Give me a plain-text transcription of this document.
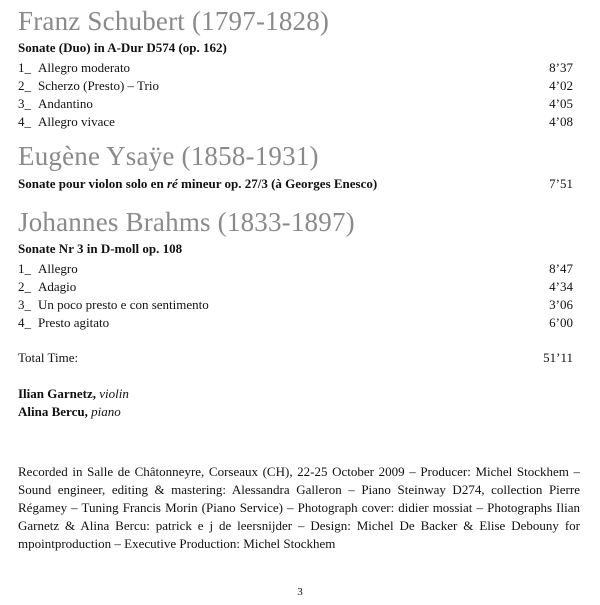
Franz Schubert (1797-1828)
Sonate (Duo) in A-Dur D574 (op. 162)
1_ Allegro moderato	8’37
2_ Scherzo (Presto) – Trio	4’02
3_ Andantino	4’05
4_ Allegro vivace	4’08
Eugène Ysaÿe (1858-1931)
Sonate pour violon solo en ré mineur op. 27/3 (à Georges Enesco)	7’51
Johannes Brahms (1833-1897)
Sonate Nr 3 in D-moll op. 108
1_ Allegro	8’47
2_ Adagio	4’34
3_ Un poco presto e con sentimento	3’06
4_ Presto agitato	6’00
Total Time:	51’11
Ilian Garnetz, violin
Alina Bercu, piano
Recorded in Salle de Châtonneyre, Corseaux (CH), 22-25 October 2009 – Producer: Michel Stockhem – Sound engineer, editing & mastering: Alessandra Galleron – Piano Steinway D274, collection Pierre Régamey – Tuning Francis Morin (Piano Service) – Photograph cover: didier mossiat – Photographs Ilian Garnetz & Alina Bercu: patrick e j de leersnijder – Design: Michel De Backer & Elise Debouny for mpointproduction – Executive Production: Michel Stockhem
3
